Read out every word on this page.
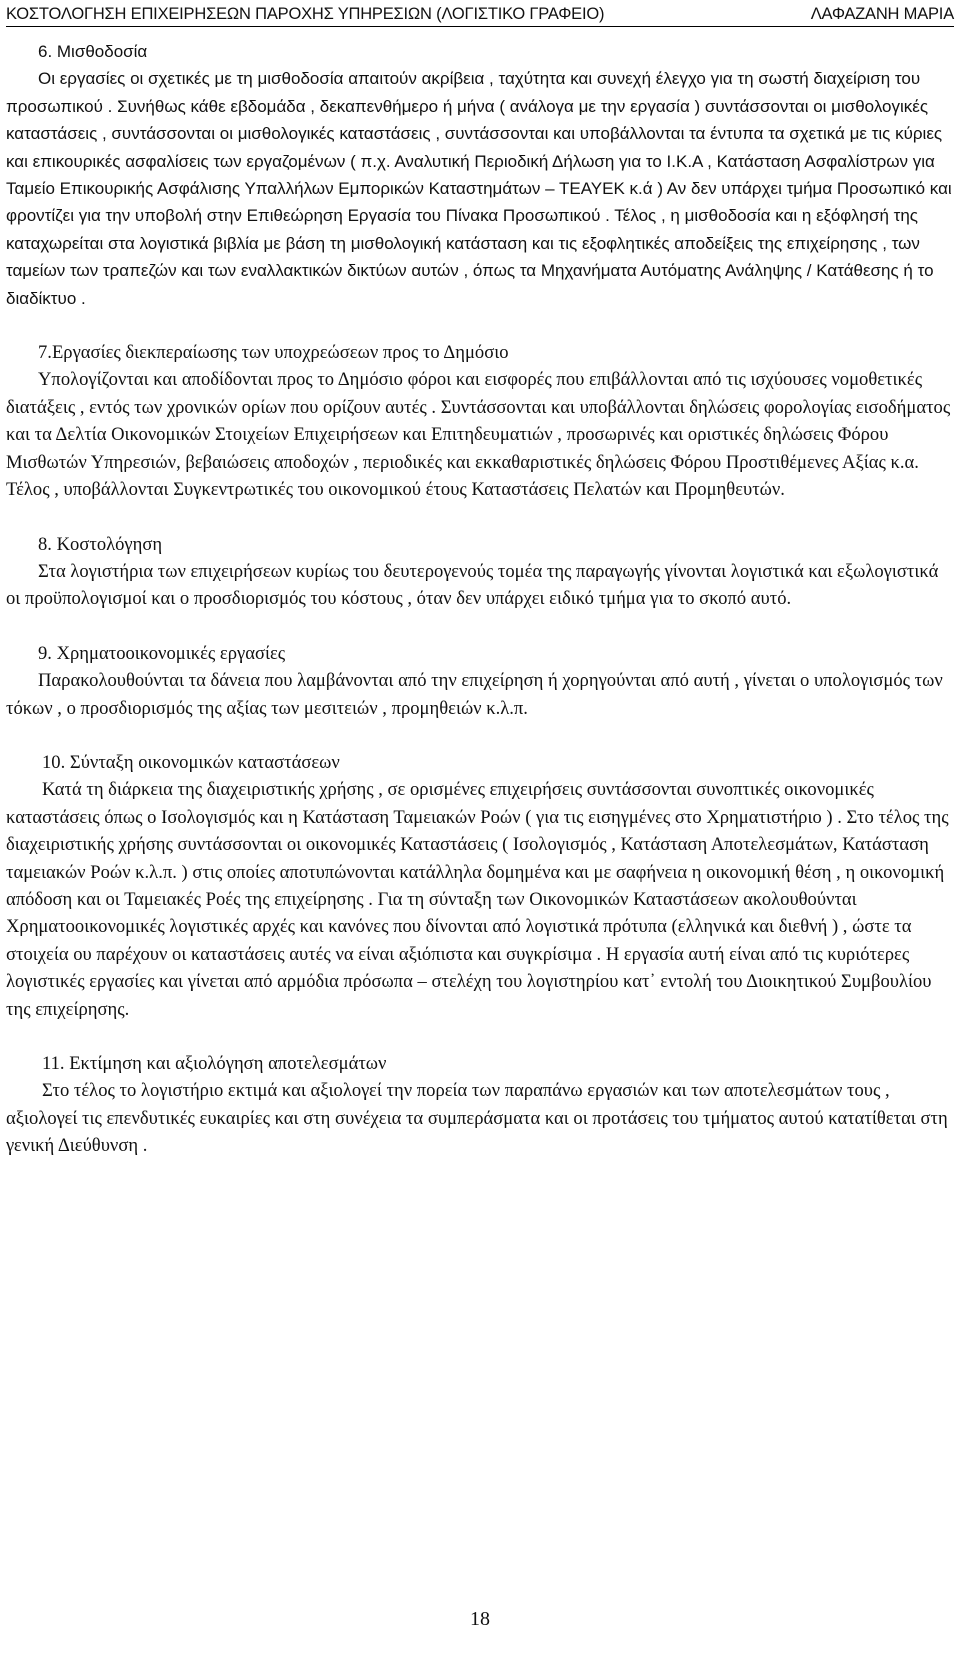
ΚΟΣΤΟΛΟΓΗΣΗ ΕΠΙΧΕΙΡΗΣΕΩΝ ΠΑΡΟΧΗΣ ΥΠΗΡΕΣΙΩΝ (ΛΟΓΙΣΤΙΚΟ ΓΡΑΦΕΙΟ)	ΛΑΦΑΖΑΝΗ ΜΑΡΙΑ

6. Μισθοδοσία

Οι εργασίες οι σχετικές με τη μισθοδοσία απαιτούν ακρίβεια , ταχύτητα και συνεχή έλεγχο για τη σωστή διαχείριση του προσωπικού . Συνήθως κάθε εβδομάδα , δεκαπενθήμερο ή μήνα ( ανάλογα με την εργασία ) συντάσσονται οι μισθολογικές καταστάσεις , συντάσσονται οι μισθολογικές καταστάσεις , συντάσσονται και υποβάλλονται τα έντυπα τα σχετικά με τις κύριες και επικουρικές ασφαλίσεις των εργαζομένων ( π.χ. Αναλυτική Περιοδική Δήλωση για το Ι.Κ.Α , Κατάσταση Ασφαλίστρων για Ταμείο Επικουρικής Ασφάλισης Υπαλλήλων Εμπορικών Καταστημάτων – ΤΕΑΥΕΚ κ.ά ) Αν δεν υπάρχει τμήμα Προσωπικό και φροντίζει για την υποβολή στην Επιθεώρηση Εργασία του Πίνακα Προσωπικού . Τέλος , η μισθοδοσία και η εξόφλησή της καταχωρείται στα λογιστικά βιβλία με βάση τη μισθολογική κατάσταση και τις εξοφλητικές αποδείξεις της επιχείρησης , των ταμείων των τραπεζών και των εναλλακτικών δικτύων αυτών , όπως τα Μηχανήματα Αυτόματης Ανάληψης / Κατάθεσης ή το διαδίκτυο .

7.Εργασίες διεκπεραίωσης των υποχρεώσεων προς το Δημόσιο

Υπολογίζονται και αποδίδονται προς το Δημόσιο φόροι και εισφορές που επιβάλλονται από τις ισχύουσες νομοθετικές διατάξεις , εντός των χρονικών ορίων που ορίζουν αυτές . Συντάσσονται και υποβάλλονται δηλώσεις φορολογίας εισοδήματος και τα Δελτία Οικονομικών Στοιχείων Επιχειρήσεων και Επιτηδευματιών , προσωρινές και οριστικές δηλώσεις Φόρου Μισθωτών Υπηρεσιών, βεβαιώσεις αποδοχών , περιοδικές και εκκαθαριστικές δηλώσεις Φόρου Προστιθέμενες Αξίας κ.α. Τέλος , υποβάλλονται Συγκεντρωτικές του οικονομικού έτους Καταστάσεις Πελατών και Προμηθευτών.

8. Κοστολόγηση

Στα λογιστήρια των επιχειρήσεων κυρίως του δευτερογενούς τομέα της παραγωγής γίνονται λογιστικά και εξωλογιστικά οι προϋπολογισμοί και ο προσδιορισμός του κόστους , όταν δεν υπάρχει ειδικό τμήμα για το σκοπό αυτό.

9. Χρηματοοικονομικές εργασίες

Παρακολουθούνται τα δάνεια που λαμβάνονται από την επιχείρηση ή χορηγούνται από αυτή , γίνεται ο υπολογισμός των τόκων , ο προσδιορισμός της αξίας των μεσιτειών , προμηθειών κ.λ.π.

10. Σύνταξη οικονομικών καταστάσεων

Κατά τη διάρκεια της διαχειριστικής χρήσης , σε ορισμένες επιχειρήσεις συντάσσονται συνοπτικές οικονομικές καταστάσεις όπως ο Ισολογισμός και η Κατάσταση Ταμειακών Ροών ( για τις εισηγμένες στο Χρηματιστήριο ) . Στο τέλος της διαχειριστικής χρήσης συντάσσονται οι οικονομικές Καταστάσεις ( Ισολογισμός , Κατάσταση Αποτελεσμάτων, Κατάσταση ταμειακών Ροών κ.λ.π. ) στις οποίες αποτυπώνονται κατάλληλα δομημένα και με σαφήνεια η οικονομική θέση , η οικονομική απόδοση και οι Ταμειακές Ροές της επιχείρησης . Για τη σύνταξη των Οικονομικών Καταστάσεων ακολουθούνται Χρηματοοικονομικές λογιστικές αρχές και κανόνες που δίνονται από λογιστικά πρότυπα (ελληνικά και διεθνή ) , ώστε τα στοιχεία ου παρέχουν οι καταστάσεις αυτές να είναι αξιόπιστα και συγκρίσιμα . Η εργασία αυτή είναι από τις κυριότερες λογιστικές εργασίες και γίνεται από αρμόδια πρόσωπα – στελέχη του λογιστηρίου κατ᾽ εντολή του Διοικητικού Συμβουλίου της επιχείρησης.

11. Εκτίμηση και αξιολόγηση αποτελεσμάτων

Στο τέλος το λογιστήριο εκτιμά και αξιολογεί την πορεία των παραπάνω εργασιών και των αποτελεσμάτων τους , αξιολογεί τις επενδυτικές ευκαιρίες και στη συνέχεια τα συμπεράσματα και οι προτάσεις του τμήματος αυτού κατατίθεται στη γενική Διεύθυνση .

18
